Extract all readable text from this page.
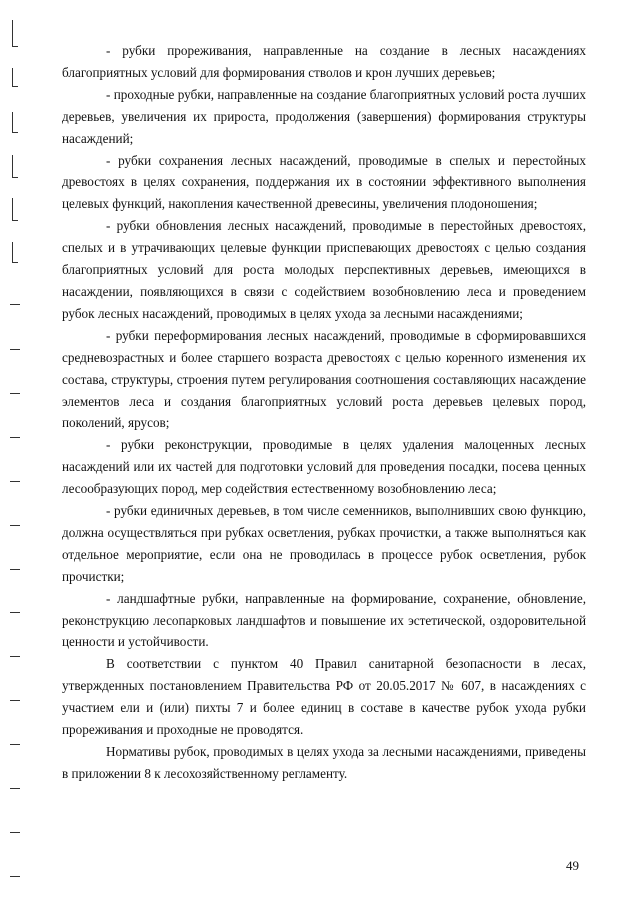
- рубки прореживания, направленные на создание в лесных насаждениях благоприятных условий для формирования стволов и крон лучших деревьев;

- проходные рубки, направленные на создание благоприятных условий роста лучших деревьев, увеличения их прироста, продолжения (завершения) формирования структуры насаждений;

- рубки сохранения лесных насаждений, проводимые в спелых и перестойных древостоях в целях сохранения, поддержания их в состоянии эффективного выполнения целевых функций, накопления качественной древесины, увеличения плодоношения;

- рубки обновления лесных насаждений, проводимые в перестойных древостоях, спелых и в утрачивающих целевые функции приспевающих древостоях с целью создания благоприятных условий для роста молодых перспективных деревьев, имеющихся в насаждении, появляющихся в связи с содействием возобновлению леса и проведением рубок лесных насаждений, проводимых в целях ухода за лесными насаждениями;

- рубки переформирования лесных насаждений, проводимые в сформировавшихся средневозрастных и более старшего возраста древостоях с целью коренного изменения их состава, структуры, строения путем регулирования соотношения составляющих насаждение элементов леса и создания благоприятных условий роста деревьев целевых пород, поколений, ярусов;

- рубки реконструкции, проводимые в целях удаления малоценных лесных насаждений или их частей для подготовки условий для проведения посадки, посева ценных лесообразующих пород, мер содействия естественному возобновлению леса;

- рубки единичных деревьев, в том числе семенников, выполнивших свою функцию, должна осуществляться при рубках осветления, рубках прочистки, а также выполняться как отдельное мероприятие, если она не проводилась в процессе рубок осветления, рубок прочистки;

- ландшафтные рубки, направленные на формирование, сохранение, обновление, реконструкцию лесопарковых ландшафтов и повышение их эстетической, оздоровительной ценности и устойчивости.

В соответствии с пунктом 40 Правил санитарной безопасности в лесах, утвержденных постановлением Правительства РФ от 20.05.2017 № 607, в насаждениях с участием ели и (или) пихты 7 и более единиц в составе в качестве рубок ухода рубки прореживания и проходные не проводятся.

Нормативы рубок, проводимых в целях ухода за лесными насаждениями, приведены в приложении 8 к лесохозяйственному регламенту.

49
